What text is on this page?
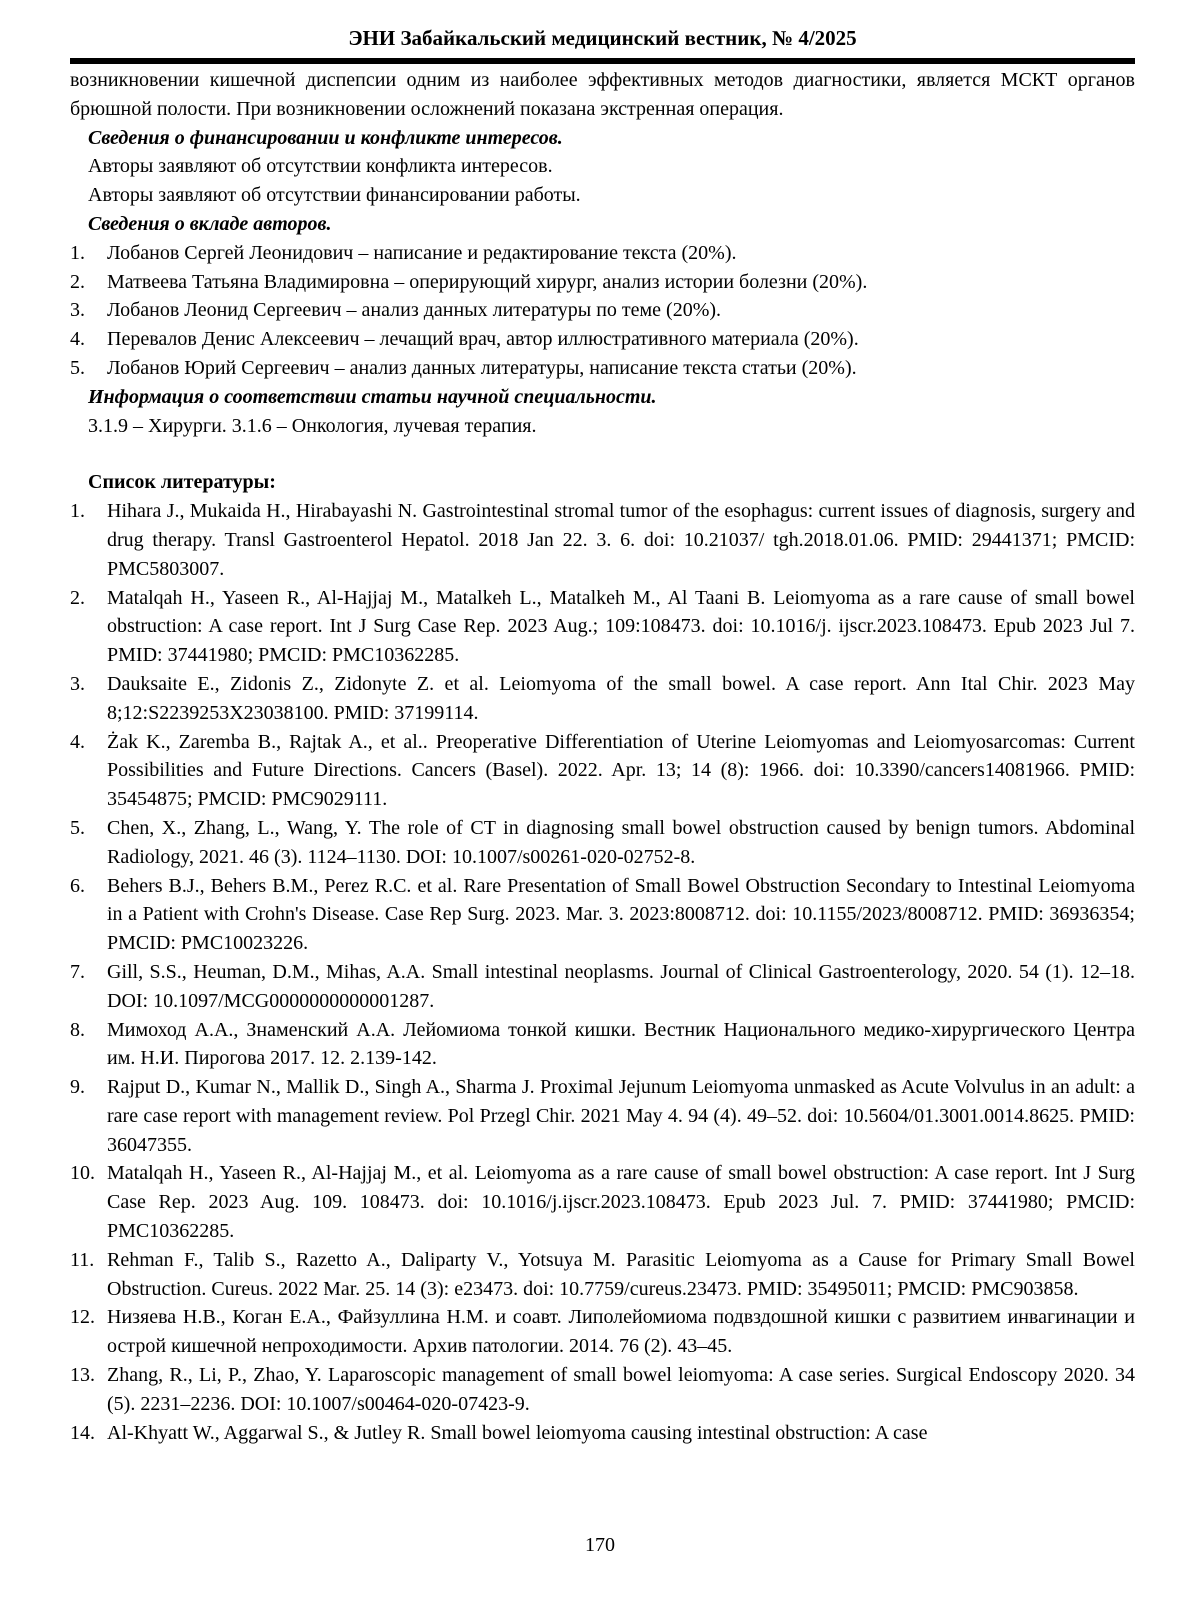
ЭНИ Забайкальский медицинский вестник, № 4/2025

возникновении кишечной диспепсии одним из наиболее эффективных методов диагностики, является МСКТ органов брюшной полости. При возникновении осложнений показана экстренная операция.

Сведения о финансировании и конфликте интересов.

Авторы заявляют об отсутствии конфликта интересов.

Авторы заявляют об отсутствии финансировании работы.

Сведения о вкладе авторов.

1.	Лобанов Сергей Леонидович – написание и редактирование текста (20%).
2.	Матвеева Татьяна Владимировна – оперирующий хирург, анализ истории болезни (20%).
3.	Лобанов Леонид Сергеевич – анализ данных литературы по теме (20%).
4.	Перевалов Денис Алексеевич – лечащий врач, автор иллюстративного материала (20%).
5.	Лобанов Юрий Сергеевич – анализ данных литературы, написание текста статьи (20%).

Информация о соответствии статьи научной специальности.

3.1.9 – Хирурги. 3.1.6 – Онкология, лучевая терапия.

Список литературы:

1.	Hihara J., Mukaida H., Hirabayashi N. Gastrointestinal stromal tumor of the esophagus: current issues of diagnosis, surgery and drug therapy. Transl Gastroenterol Hepatol. 2018 Jan 22. 3. 6. doi: 10.21037/ tgh.2018.01.06. PMID: 29441371; PMCID: PMC5803007.
2.	Matalqah H., Yaseen R., Al-Hajjaj M., Matalkeh L., Matalkeh M., Al Taani B. Leiomyoma as a rare cause of small bowel obstruction: A case report. Int J Surg Case Rep. 2023 Aug.; 109:108473. doi: 10.1016/j. ijscr.2023.108473. Epub 2023 Jul 7. PMID: 37441980; PMCID: PMC10362285.
3.	Dauksaite E., Zidonis Z., Zidonyte Z. et al. Leiomyoma of the small bowel. A case report. Ann Ital Chir. 2023 May 8;12:S2239253X23038100. PMID: 37199114.
4.	Żak K., Zaremba B., Rajtak A., et al.. Preoperative Differentiation of Uterine Leiomyomas and Leiomyosarcomas: Current Possibilities and Future Directions. Cancers (Basel). 2022. Apr. 13; 14 (8): 1966. doi: 10.3390/cancers14081966. PMID: 35454875; PMCID: PMC9029111.
5.	Chen, X., Zhang, L., Wang, Y. The role of CT in diagnosing small bowel obstruction caused by benign tumors. Abdominal Radiology, 2021. 46 (3). 1124–1130. DOI: 10.1007/s00261-020-02752-8.
6.	Behers B.J., Behers B.M., Perez R.C. et al. Rare Presentation of Small Bowel Obstruction Secondary to Intestinal Leiomyoma in a Patient with Crohn's Disease. Case Rep Surg. 2023. Mar. 3. 2023:8008712. doi: 10.1155/2023/8008712. PMID: 36936354; PMCID: PMC10023226.
7.	Gill, S.S., Heuman, D.M., Mihas, A.A. Small intestinal neoplasms. Journal of Clinical Gastroenterology, 2020. 54 (1). 12–18. DOI: 10.1097/MCG0000000000001287.
8.	Мимоход А.А., Знаменский А.А. Лейомиома тонкой кишки. Вестник Национального медико-хирургического Центра им. Н.И. Пирогова 2017. 12. 2.139-142.
9.	Rajput D., Kumar N., Mallik D., Singh A., Sharma J. Proximal Jejunum Leiomyoma unmasked as Acute Volvulus in an adult: a rare case report with management review. Pol Przegl Chir. 2021 May 4. 94 (4). 49–52. doi: 10.5604/01.3001.0014.8625. PMID: 36047355.
10. Matalqah H., Yaseen R., Al-Hajjaj M., et al. Leiomyoma as a rare cause of small bowel obstruction: A case report. Int J Surg Case Rep. 2023 Aug. 109. 108473. doi: 10.1016/j.ijscr.2023.108473. Epub 2023 Jul. 7. PMID: 37441980; PMCID: PMC10362285.
11. Rehman F., Talib S., Razetto A., Daliparty V., Yotsuya M. Parasitic Leiomyoma as a Cause for Primary Small Bowel Obstruction. Cureus. 2022 Mar. 25. 14 (3): e23473. doi: 10.7759/cureus.23473. PMID: 35495011; PMCID: PMC903858.
12. Низяева Н.В., Коган Е.А., Файзуллина Н.М. и соавт. Липолейомиома подвздошной кишки с развитием инвагинации и острой кишечной непроходимости. Архив патологии. 2014. 76 (2). 43–45.
13. Zhang, R., Li, P., Zhao, Y. Laparoscopic management of small bowel leiomyoma: A case series. Surgical Endoscopy 2020. 34 (5). 2231–2236. DOI: 10.1007/s00464-020-07423-9.
14. Al-Khyatt W., Aggarwal S., & Jutley R. Small bowel leiomyoma causing intestinal obstruction: A case
170
